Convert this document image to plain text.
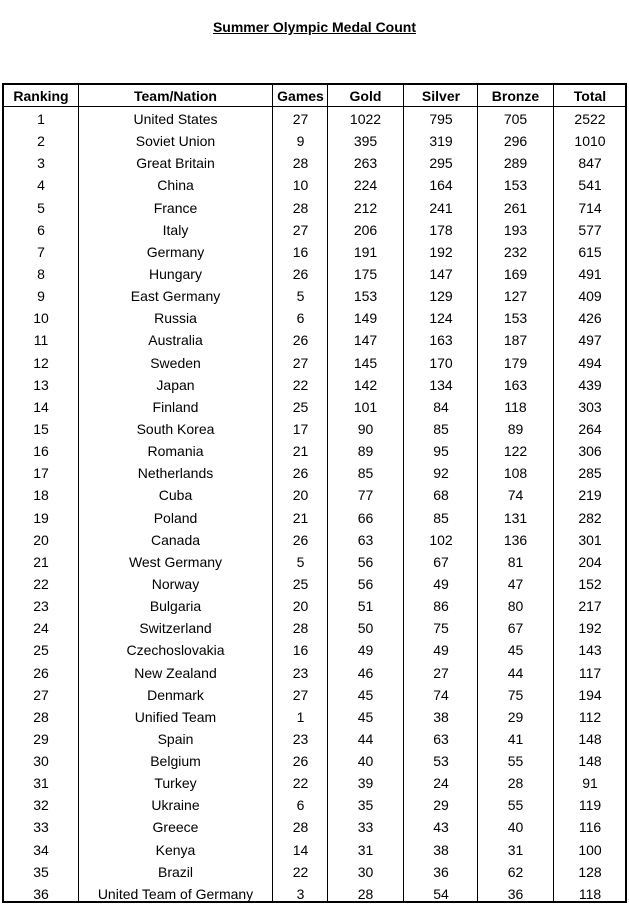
Summer Olympic Medal Count
Ranking
1
2
3
4
5
6
7
8
9
10
11
12
13
14
15
16
17
18
19
20
21
22
23
24
25
26
27
28
29
30
31
32
33
34
35
36
Team/Nation
United States
Soviet Union
Great Britain
China
France
Italy
Germany
Hungary
East Germany
Russia
Australia
Sweden
Japan
Finland
South Korea
Romania
Netherlands
Cuba
Poland
Canada
West Germany
Norway
Bulgaria
Switzerland
Czechoslovakia
New Zealand
Denmark
Unified Team
Spain
Belgium
Turkey
Ukraine
Greece
Kenya
Brazil
United Team of Germany
Games
27
9
28
10
28
27
16
26
5
6
26
27
22
25
17
21
26
20
21
26
5
25
20
28
16
23
27
1
23
26
22
6
28
14
22
3
Gold
1022
395
263
224
212
206
191
175
153
149
147
145
142
101
90
89
85
77
66
63
56
56
51
50
49
46
45
45
44
40
39
35
33
31
30
28
Silver
795
319
295
164
241
178
192
147
129
124
163
170
134
84
85
95
92
68
85
102
67
49
86
75
49
27
74
38
63
53
24
29
43
38
36
54
Bronze
705
296
289
153
261
193
232
169
127
153
187
179
163
118
89
122
108
74
131
136
81
47
80
67
45
44
75
29
41
55
28
55
40
31
62
36
Total
2522
1010
847
541
714
577
615
491
409
426
497
494
439
303
264
306
285
219
282
301
204
152
217
192
143
117
194
112
148
148
91
119
116
100
128
118
